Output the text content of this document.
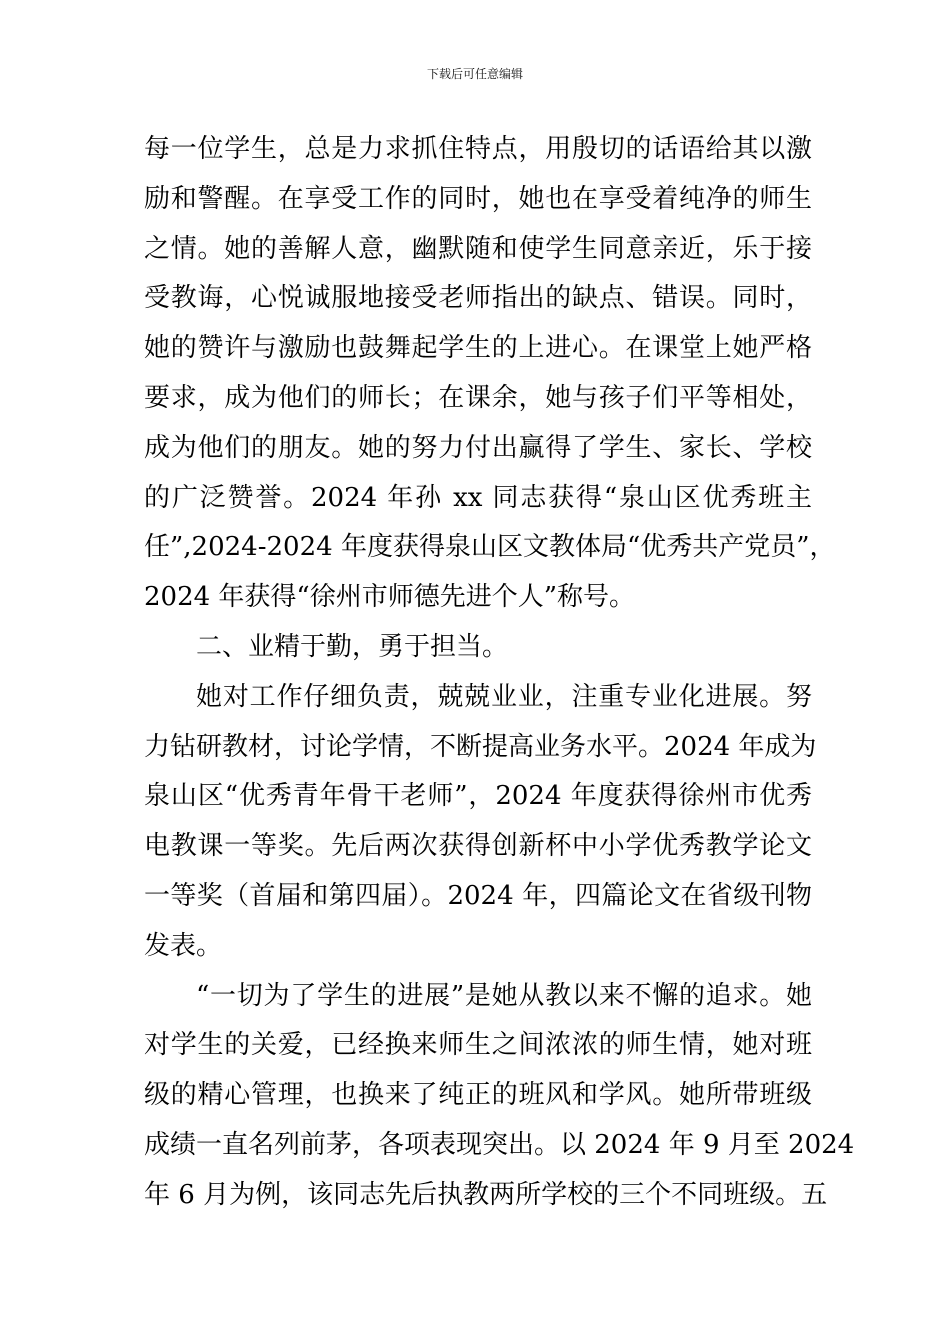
下载后可任意编辑
每一位学生，总是力求抓住特点，用殷切的话语给其以激
励和警醒。在享受工作的同时，她也在享受着纯净的师生
之情。她的善解人意，幽默随和使学生同意亲近，乐于接
受教诲，心悦诚服地接受老师指出的缺点、错误。同时，
她的赞许与激励也鼓舞起学生的上进心。在课堂上她严格
要求，成为他们的师长；在课余，她与孩子们平等相处，
成为他们的朋友。她的努力付出赢得了学生、家长、学校
的广泛赞誉。2024 年孙 xx 同志获得“泉山区优秀班主
任”,2024-2024 年度获得泉山区文教体局“优秀共产党员”，
2024 年获得“徐州市师德先进个人”称号。
二、业精于勤，勇于担当。
她对工作仔细负责，兢兢业业，注重专业化进展。努
力钻研教材，讨论学情，不断提高业务水平。2024 年成为
泉山区“优秀青年骨干老师”，2024 年度获得徐州市优秀
电教课一等奖。先后两次获得创新杯中小学优秀教学论文
一等奖（首届和第四届）。2024 年，四篇论文在省级刊物
发表。
“一切为了学生的进展”是她从教以来不懈的追求。她
对学生的关爱，已经换来师生之间浓浓的师生情，她对班
级的精心管理，也换来了纯正的班风和学风。她所带班级
成绩一直名列前茅，各项表现突出。以 2024 年 9 月至 2024
年 6 月为例，该同志先后执教两所学校的三个不同班级。五
